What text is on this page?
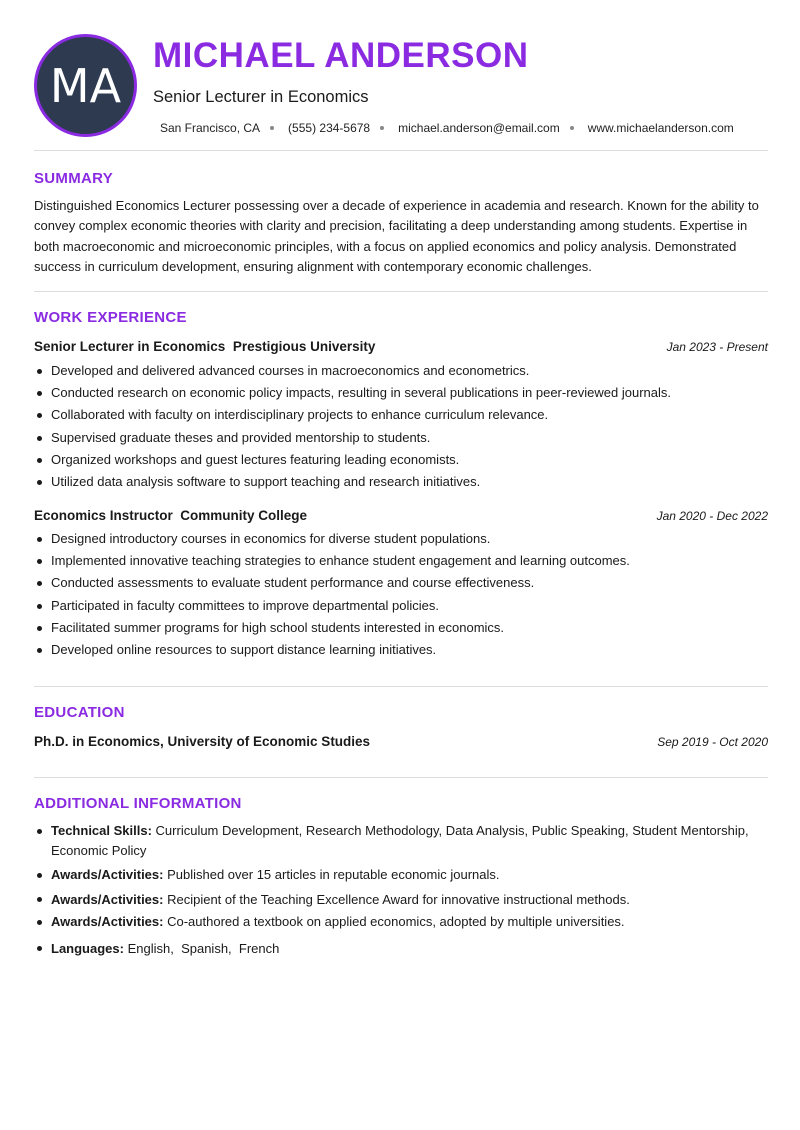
MA
MICHAEL ANDERSON
Senior Lecturer in Economics
San Francisco, CA (555) 234-5678 michael.anderson@email.com www.michaelanderson.com
SUMMARY
Distinguished Economics Lecturer possessing over a decade of experience in academia and research. Known for the ability to convey complex economic theories with clarity and precision, facilitating a deep understanding among students. Expertise in both macroeconomic and microeconomic principles, with a focus on applied economics and policy analysis. Demonstrated success in curriculum development, ensuring alignment with contemporary economic challenges.
WORK EXPERIENCE
Senior Lecturer in Economics Prestigious University	Jan 2023 - Present
Developed and delivered advanced courses in macroeconomics and econometrics.
Conducted research on economic policy impacts, resulting in several publications in peer-reviewed journals.
Collaborated with faculty on interdisciplinary projects to enhance curriculum relevance.
Supervised graduate theses and provided mentorship to students.
Organized workshops and guest lectures featuring leading economists.
Utilized data analysis software to support teaching and research initiatives.
Economics Instructor Community College	Jan 2020 - Dec 2022
Designed introductory courses in economics for diverse student populations.
Implemented innovative teaching strategies to enhance student engagement and learning outcomes.
Conducted assessments to evaluate student performance and course effectiveness.
Participated in faculty committees to improve departmental policies.
Facilitated summer programs for high school students interested in economics.
Developed online resources to support distance learning initiatives.
EDUCATION
Ph.D. in Economics, University of Economic Studies	Sep 2019 - Oct 2020
ADDITIONAL INFORMATION
Technical Skills: Curriculum Development, Research Methodology, Data Analysis, Public Speaking, Student Mentorship, Economic Policy
Awards/Activities: Published over 15 articles in reputable economic journals.
Awards/Activities: Recipient of the Teaching Excellence Award for innovative instructional methods.
Awards/Activities: Co-authored a textbook on applied economics, adopted by multiple universities.
Languages: English,  Spanish,  French
